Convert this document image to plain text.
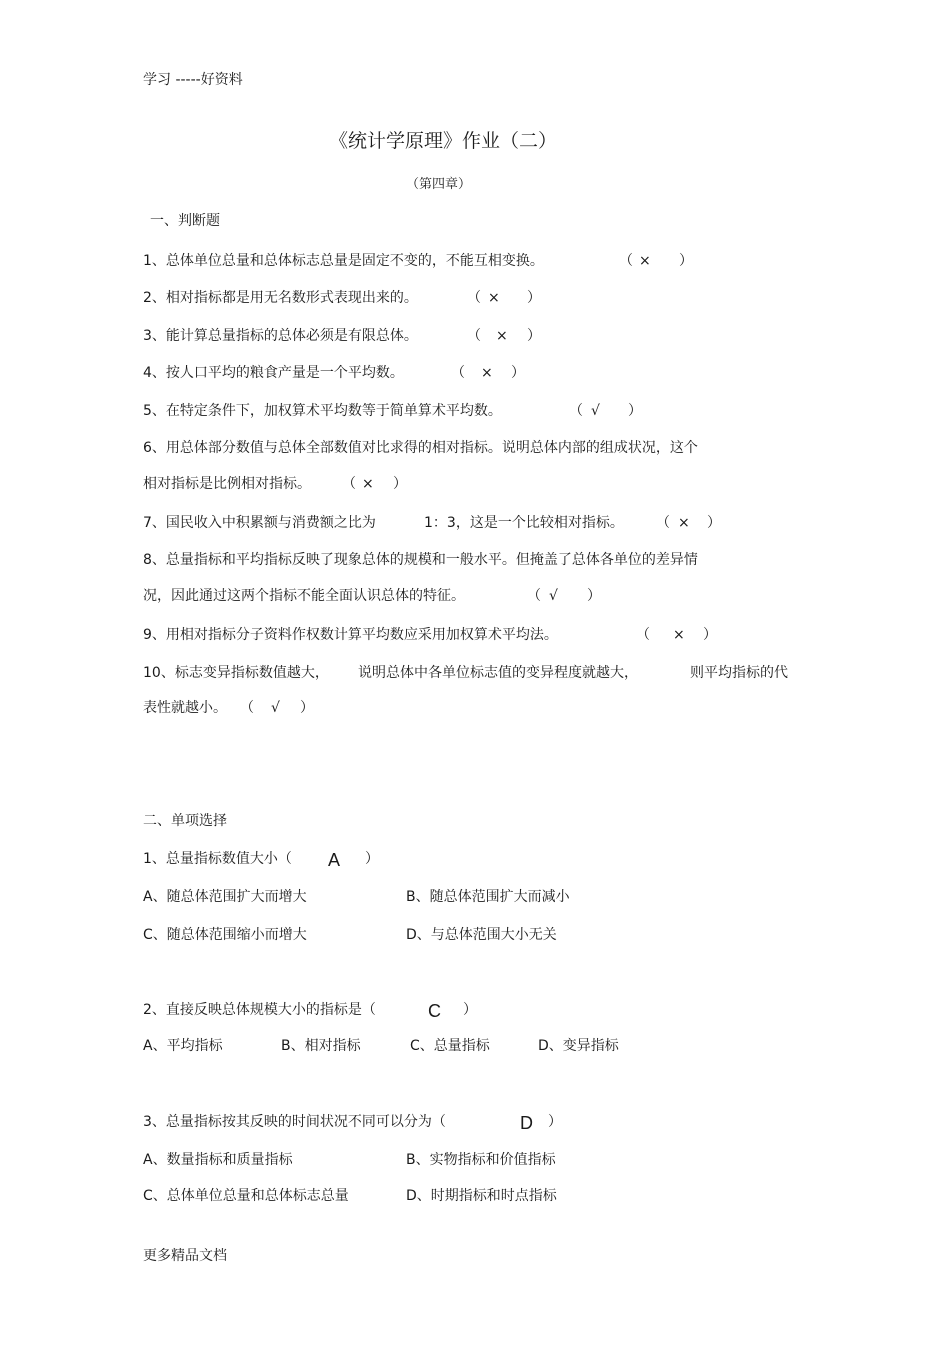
学习 -----好资料
《统计学原理》作业（二）
（第四章）
一、判断题
1、总体单位总量和总体标志总量是固定不变的，不能互相变换。	（ × ）
2、相对指标都是用无名数形式表现出来的。	（ × ）
3、能计算总量指标的总体必须是有限总体。	（ × ）
4、按人口平均的粮食产量是一个平均数。	（ × ）
5、在特定条件下，加权算术平均数等于简单算术平均数。	（ √ ）
6、用总体部分数值与总体全部数值对比求得的相对指标。说明总体内部的组成状况，这个
相对指标是比例相对指标。 （ × ）
7、国民收入中积累额与消费额之比为	1：3，这是一个比较相对指标。 （ × ）
8、总量指标和平均指标反映了现象总体的规模和一般水平。但掩盖了总体各单位的差异情
况，因此通过这两个指标不能全面认识总体的特征。	（ √ ）
9、用相对指标分子资料作权数计算平均数应采用加权算术平均法。	（ × ）
10、标志变异指标数值越大， 说明总体中各单位标志值的变异程度就越大，	则平均指标的代
表性就越小。 （ √ ）
二、单项选择
1、总量指标数值大小（ A ）
A、随总体范围扩大而增大	B、随总体范围扩大而减小
C、随总体范围缩小而增大	D、与总体范围大小无关
2、直接反映总体规模大小的指标是（	C ）
A、平均指标	B、相对指标	C、总量指标	D、变异指标
3、总量指标按其反映的时间状况不同可以分为（	D ）
A、数量指标和质量指标	B、实物指标和价值指标
C、总体单位总量和总体标志总量	D、时期指标和时点指标
更多精品文档
